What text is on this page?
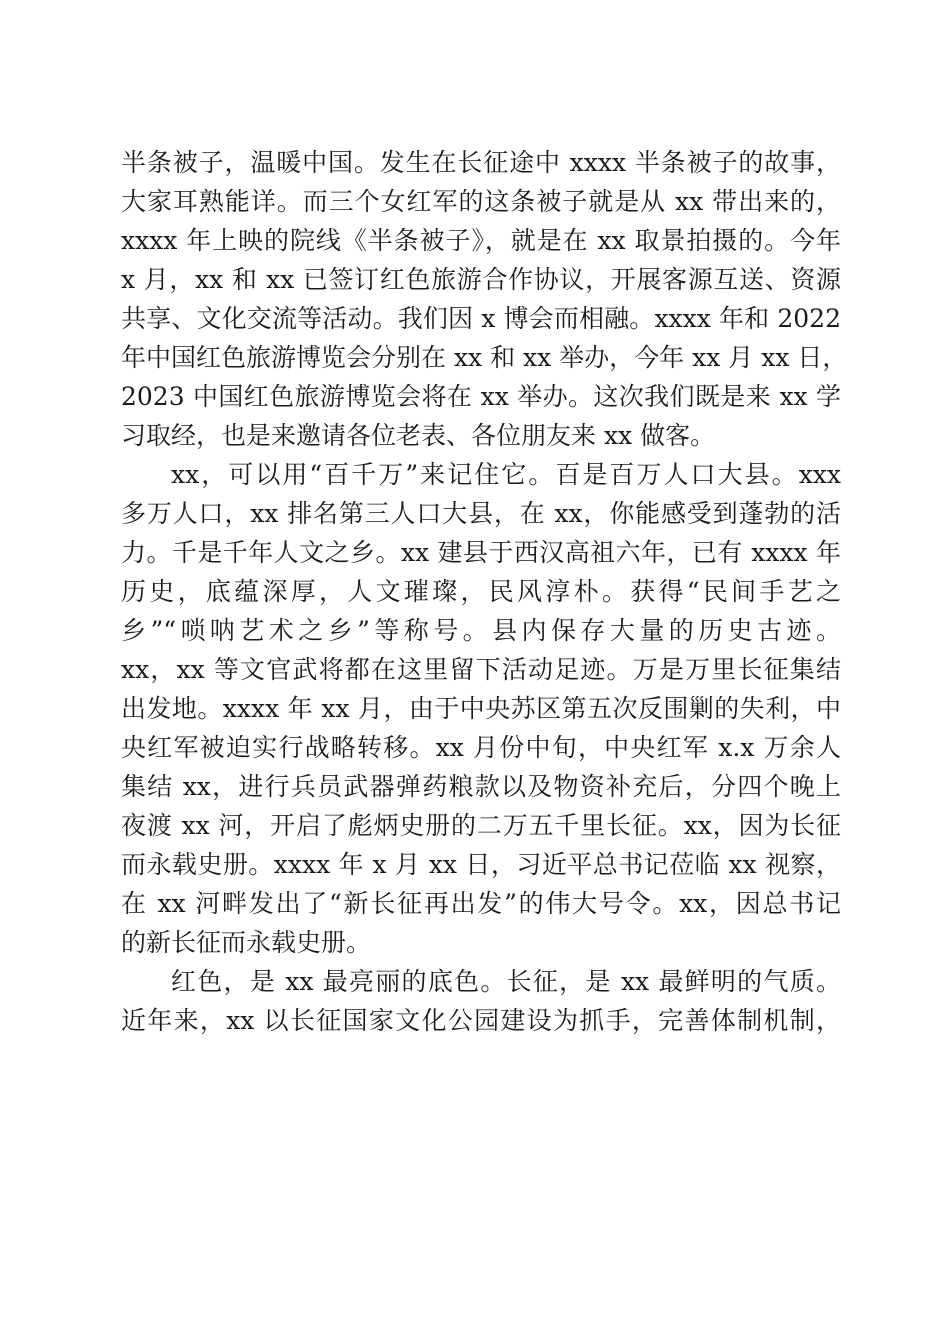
半条被子，温暖中国。发生在长征途中 xxxx 半条被子的故事，
大家耳熟能详。而三个女红军的这条被子就是从 xx 带出来的，
xxxx 年上映的院线《半条被子》，就是在 xx 取景拍摄的。今年
x 月，xx 和 xx 已签订红色旅游合作协议，开展客源互送、资源
共享、文化交流等活动。我们因 x 博会而相融。xxxx 年和 2022
年中国红色旅游博览会分别在 xx 和 xx 举办，今年 xx 月 xx 日，
2023 中国红色旅游博览会将在 xx 举办。这次我们既是来 xx 学
习取经，也是来邀请各位老表、各位朋友来 xx 做客。
xx，可以用“百千万”来记住它。百是百万人口大县。xxx
多万人口，xx 排名第三人口大县，在 xx，你能感受到蓬勃的活
力。千是千年人文之乡。xx 建县于西汉高祖六年，已有 xxxx 年
历史，底蕴深厚，人文璀璨，民风淳朴。获得“民间手艺之
乡”“唢呐艺术之乡”等称号。县内保存大量的历史古迹。
xx，xx 等文官武将都在这里留下活动足迹。万是万里长征集结
出发地。xxxx 年 xx 月，由于中央苏区第五次反围剿的失利，中
央红军被迫实行战略转移。xx 月份中旬，中央红军 x.x 万余人
集结 xx，进行兵员武器弹药粮款以及物资补充后，分四个晚上
夜渡 xx 河，开启了彪炳史册的二万五千里长征。xx，因为长征
而永载史册。xxxx 年 x 月 xx 日，习近平总书记莅临 xx 视察，
在 xx 河畔发出了“新长征再出发”的伟大号令。xx，因总书记
的新长征而永载史册。
红色，是 xx 最亮丽的底色。长征，是 xx 最鲜明的气质。
近年来，xx 以长征国家文化公园建设为抓手，完善体制机制，
